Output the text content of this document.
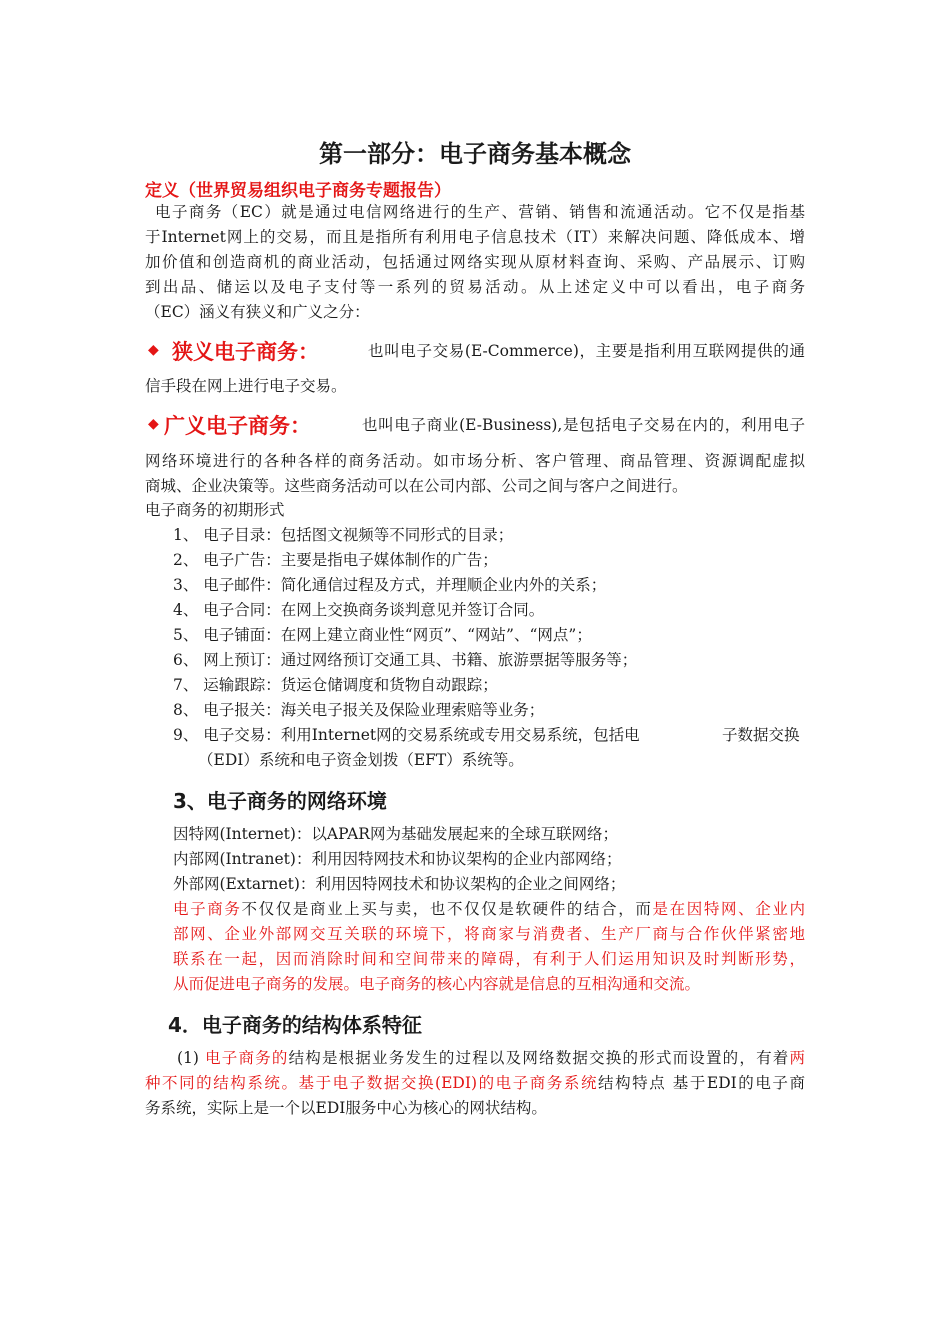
第一部分：电子商务基本概念
定义（世界贸易组织电子商务专题报告）
电子商务（EC）就是通过电信网络进行的生产、营销、销售和流通活动。它不仅是指基
于Internet网上的交易，而且是指所有利用电子信息技术（IT）来解决问题、降低成本、增
加价值和创造商机的商业活动，包括通过网络实现从原材料查询、采购、产品展示、订购
到出品、储运以及电子支付等一系列的贸易活动。从上述定义中可以看出，电子商务
（EC）涵义有狭义和广义之分：
◆ 狭义电子商务：	也叫电子交易(E-Commerce)，主要是指利用互联网提供的通
信手段在网上进行电子交易。
◆ 广义电子商务：	也叫电子商业(E-Business),是包括电子交易在内的，利用电子
网络环境进行的各种各样的商务活动。如市场分析、客户管理、商品管理、资源调配虚拟
商城、企业决策等。这些商务活动可以在公司内部、公司之间与客户之间进行。
电子商务的初期形式
1、 电子目录：包括图文视频等不同形式的目录；
2、 电子广告：主要是指电子媒体制作的广告；
3、 电子邮件：简化通信过程及方式，并理顺企业内外的关系；
4、 电子合同：在网上交换商务谈判意见并签订合同。
5、 电子铺面：在网上建立商业性“网页”、“网站”、“网点”；
6、 网上预订：通过网络预订交通工具、书籍、旅游票据等服务等；
7、 运输跟踪：货运仓储调度和货物自动跟踪；
8、 电子报关：海关电子报关及保险业理索赔等业务；
9、 电子交易：利用Internet网的交易系统或专用交易系统，包括电	子数据交换
（EDI）系统和电子资金划拨（EFT）系统等。
3、电子商务的网络环境
因特网(Internet)：以APAR网为基础发展起来的全球互联网络；
内部网(Intranet)：利用因特网技术和协议架构的企业内部网络；
外部网(Extarnet)：利用因特网技术和协议架构的企业之间网络；
电子商务不仅仅是商业上买与卖，也不仅仅是软硬件的结合，而是在因特网、企业内
部网、企业外部网交互关联的环境下，将商家与消费者、生产厂商与合作伙伴紧密地
联系在一起，因而消除时间和空间带来的障碍，有利于人们运用知识及时判断形势，
从而促进电子商务的发展。电子商务的核心内容就是信息的互相沟通和交流。
4．电子商务的结构体系特征
(1) 电子商务的结构是根据业务发生的过程以及网络数据交换的形式而设置的，有着两
种不同的结构系统。基于电子数据交换(EDI)的电子商务系统结构特点 基于EDI的电子商
务系统，实际上是一个以EDI服务中心为核心的网状结构。
